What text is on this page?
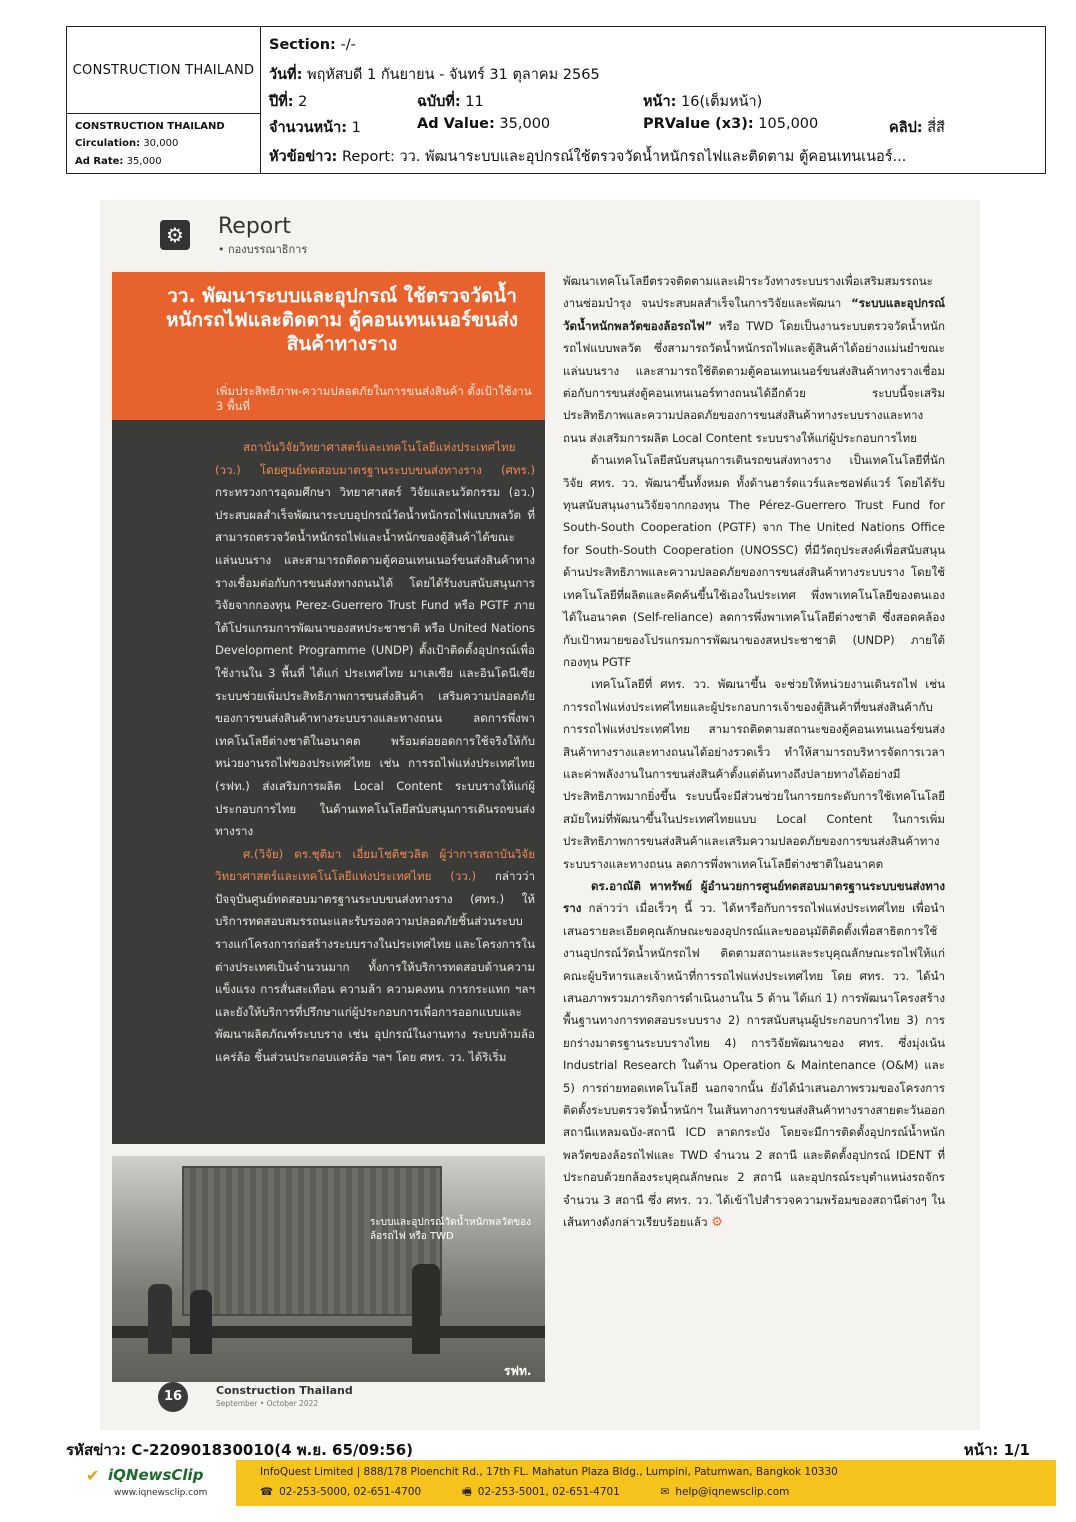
CONSTRUCTION THAILAND
CONSTRUCTION THAILAND
Circulation: 30,000
Ad Rate: 35,000
Section: -/-
วันที่: พฤหัสบดี 1 กันยายน - จันทร์ 31 ตุลาคม 2565
ปีที่: 2	ฉบับที่: 11	หน้า: 16(เต็มหน้า)
จำนวนหน้า: 1	Ad Value: 35,000	PRValue (x3): 105,000	คลิป: สี่สี
หัวข้อข่าว: Report: วว. พัฒนาระบบและอุปกรณ์ใช้ตรวจวัดน้ำหนักรถไฟและติดตาม ตู้คอนเทนเนอร์...
⚙ Report
• กองบรรณาธิการ
วว. พัฒนาระบบและอุปกรณ์ ใช้ตรวจวัดน้ำหนักรถไฟและติดตาม ตู้คอนเทนเนอร์ขนส่งสินค้าทางราง
เพิ่มประสิทธิภาพ-ความปลอดภัยในการขนส่งสินค้า ตั้งเป้าใช้งาน 3 พื้นที่

สถาบันวิจัยวิทยาศาสตร์และเทคโนโลยีแห่งประเทศไทย (วว.) โดยศูนย์ทดสอบมาตรฐานระบบขนส่งทางราง (ศทร.) กระทรวงการอุดมศึกษา วิทยาศาสตร์ วิจัยและนวัตกรรม (อว.) ประสบผลสำเร็จพัฒนาระบบอุปกรณ์วัดน้ำหนักรถไฟแบบพลวัต ที่สามารถตรวจวัดน้ำหนักรถไฟและน้ำหนักของตู้สินค้าได้ขณะแล่นบนราง และสามารถติดตามตู้คอนเทนเนอร์ขนส่งสินค้าทางรางเชื่อมต่อกับการขนส่งทางถนนได้ โดยได้รับงบสนับสนุนการวิจัยจากกองทุน Perez-Guerrero Trust Fund หรือ PGTF ภายใต้โปรแกรมการพัฒนาของสหประชาชาติ หรือ United Nations Development Programme (UNDP) ตั้งเป้าติดตั้งอุปกรณ์เพื่อใช้งานใน 3 พื้นที่ ได้แก่ ประเทศไทย มาเลเซีย และอินโดนีเซีย ระบบช่วยเพิ่มประสิทธิภาพการขนส่งสินค้า เสริมความปลอดภัยของการขนส่งสินค้าทางระบบรางและทางถนน ลดการพึ่งพาเทคโนโลยีต่างชาติในอนาคต พร้อมต่อยอดการใช้จริงให้กับหน่วยงานรถไฟของประเทศไทย เช่น การรถไฟแห่งประเทศไทย (รฟท.) ส่งเสริมการผลิต Local Content ระบบรางให้แก่ผู้ประกอบการไทย ในด้านเทคโนโลยีสนับสนุนการเดินรถขนส่งทางราง

ศ.(วิจัย) ดร.ชุติมา เอี่ยมโชติชวลิต ผู้ว่าการสถาบันวิจัยวิทยาศาสตร์และเทคโนโลยีแห่งประเทศไทย (วว.) กล่าวว่า ปัจจุบันศูนย์ทดสอบมาตรฐานระบบขนส่งทางราง (ศทร.) ให้บริการทดสอบสมรรถนะและรับรองความปลอดภัยชิ้นส่วนระบบรางแก่โครงการก่อสร้างระบบรางในประเทศไทย และโครงการในต่างประเทศเป็นจำนวนมาก ทั้งการให้บริการทดสอบด้านความแข็งแรง การสั่นสะเทือน ความล้า ความคงทน การกระแทก ฯลฯ และยังให้บริการที่ปรึกษาแก่ผู้ประกอบการเพื่อการออกแบบและพัฒนาผลิตภัณฑ์ระบบราง เช่น อุปกรณ์ในงานทาง ระบบห้ามล้อ แคร่ล้อ ชิ้นส่วนประกอบแคร่ล้อ ฯลฯ โดย ศทร. วว. ได้ริเริ่ม

ระบบและอุปกรณ์วัดน้ำหนักพลวัตของล้อรถไฟ หรือ TWD
รฟท.

พัฒนาเทคโนโลยีตรวจติดตามและเฝ้าระวังทางระบบรางเพื่อเสริมสมรรถนะงานซ่อมบำรุง จนประสบผลสำเร็จในการวิจัยและพัฒนา “ระบบและอุปกรณ์วัดน้ำหนักพลวัตของล้อรถไฟ” หรือ TWD โดยเป็นงานระบบตรวจวัดน้ำหนักรถไฟแบบพลวัต ซึ่งสามารถวัดน้ำหนักรถไฟและตู้สินค้าได้อย่างแม่นยำขณะแล่นบนราง และสามารถใช้ติดตามตู้คอนเทนเนอร์ขนส่งสินค้าทางรางเชื่อมต่อกับการขนส่งตู้คอนเทนเนอร์ทางถนนได้อีกด้วย ระบบนี้จะเสริมประสิทธิภาพและความปลอดภัยของการขนส่งสินค้าทางระบบรางและทางถนน ส่งเสริมการผลิต Local Content ระบบรางให้แก่ผู้ประกอบการไทย

ด้านเทคโนโลยีสนับสนุนการเดินรถขนส่งทางราง เป็นเทคโนโลยีที่นักวิจัย ศทร. วว. พัฒนาขึ้นทั้งหมด ทั้งด้านฮาร์ดแวร์และซอฟต์แวร์ โดยได้รับทุนสนับสนุนงานวิจัยจากกองทุน The Pérez-Guerrero Trust Fund for South-South Cooperation (PGTF) จาก The United Nations Office for South-South Cooperation (UNOSSC) ที่มีวัตถุประสงค์เพื่อสนับสนุนด้านประสิทธิภาพและความปลอดภัยของการขนส่งสินค้าทางระบบราง โดยใช้เทคโนโลยีที่ผลิตและคิดค้นขึ้นใช้เองในประเทศ พึ่งพาเทคโนโลยีของตนเองได้ในอนาคต (Self-reliance) ลดการพึ่งพาเทคโนโลยีต่างชาติ ซึ่งสอดคล้องกับเป้าหมายของโปรแกรมการพัฒนาของสหประชาชาติ (UNDP) ภายใต้กองทุน PGTF

เทคโนโลยีที่ ศทร. วว. พัฒนาขึ้น จะช่วยให้หน่วยงานเดินรถไฟ เช่น การรถไฟแห่งประเทศไทยและผู้ประกอบการเจ้าของตู้สินค้าที่ขนส่งสินค้ากับการรถไฟแห่งประเทศไทย สามารถติดตามสถานะของตู้คอนเทนเนอร์ขนส่งสินค้าทางรางและทางถนนได้อย่างรวดเร็ว ทำให้สามารถบริหารจัดการเวลาและค่าพลังงานในการขนส่งสินค้าตั้งแต่ต้นทางถึงปลายทางได้อย่างมีประสิทธิภาพมากยิ่งขึ้น ระบบนี้จะมีส่วนช่วยในการยกระดับการใช้เทคโนโลยีสมัยใหม่ที่พัฒนาขึ้นในประเทศไทยแบบ Local Content ในการเพิ่มประสิทธิภาพการขนส่งสินค้าและเสริมความปลอดภัยของการขนส่งสินค้าทางระบบรางและทางถนน ลดการพึ่งพาเทคโนโลยีต่างชาติในอนาคต

ดร.อาณัติ หาทรัพย์ ผู้อำนวยการศูนย์ทดสอบมาตรฐานระบบขนส่งทางราง กล่าวว่า เมื่อเร็วๆ นี้ วว. ได้หารือกับการรถไฟแห่งประเทศไทย เพื่อนำเสนอรายละเอียดคุณลักษณะของอุปกรณ์และขออนุมัติติดตั้งเพื่อสาธิตการใช้งานอุปกรณ์วัดน้ำหนักรถไฟ ติดตามสถานะและระบุคุณลักษณะรถไฟให้แก่คณะผู้บริหารและเจ้าหน้าที่การรถไฟแห่งประเทศไทย โดย ศทร. วว. ได้นำเสนอภาพรวมภารกิจการดำเนินงานใน 5 ด้าน ได้แก่ 1) การพัฒนาโครงสร้างพื้นฐานทางการทดสอบระบบราง 2) การสนับสนุนผู้ประกอบการไทย 3) การยกร่างมาตรฐานระบบรางไทย 4) การวิจัยพัฒนาของ ศทร. ซึ่งมุ่งเน้น Industrial Research ในด้าน Operation & Maintenance (O&M) และ 5) การถ่ายทอดเทคโนโลยี นอกจากนั้น ยังได้นำเสนอภาพรวมของโครงการติดตั้งระบบตรวจวัดน้ำหนักฯ ในเส้นทางการขนส่งสินค้าทางรางสายตะวันออก สถานีแหลมฉบัง-สถานี ICD ลาดกระบัง โดยจะมีการติดตั้งอุปกรณ์น้ำหนักพลวัตของล้อรถไฟและ TWD จำนวน 2 สถานี และติดตั้งอุปกรณ์ IDENT ที่ประกอบด้วยกล้องระบุคุณลักษณะ 2 สถานี และอุปกรณ์ระบุตำแหน่งรถจักรจำนวน 3 สถานี ซึ่ง ศทร. วว. ได้เข้าไปสำรวจความพร้อมของสถานีต่างๆ ในเส้นทางดังกล่าวเรียบร้อยแล้ว ⚙

16	Construction Thailand
September • October 2022
รหัสข่าว: C-220901830010(4 พ.ย. 65/09:56)	หน้า: 1/1
✔ iQNewsClip
www.iqnewsclip.com
InfoQuest Limited | 888/178 Ploenchit Rd., 17th FL. Mahatun Plaza Bldg., Lumpini, Patumwan, Bangkok 10330
☎ 02-253-5000, 02-651-4700	🖷 02-253-5001, 02-651-4701	✉ help@iqnewsclip.com
